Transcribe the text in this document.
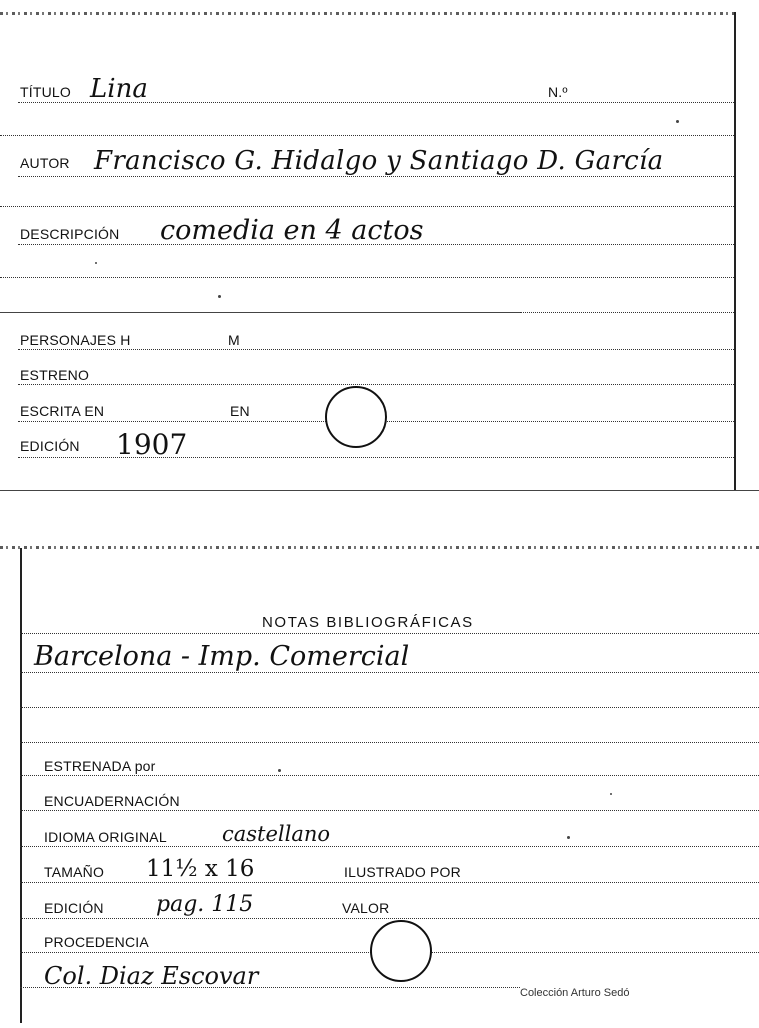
TÍTULO Lina	N.º
AUTOR Francisco G. Hidalgo y Santiago D. García
DESCRIPCIÓN comedia en 4 actos
PERSONAJES H	M
ESTRENO
ESCRITA EN	EN
EDICIÓN 1907
NOTAS BIBLIOGRÁFICAS
Barcelona - Imp. Comercial
ESTRENADA por
ENCUADERNACIÓN
IDIOMA ORIGINAL	castellano
TAMAÑO 11½ x 16	ILUSTRADO POR
EDICIÓN pag. 115	VALOR
PROCEDENCIA
Col. Diaz Escovar
Colección Arturo Sedó
